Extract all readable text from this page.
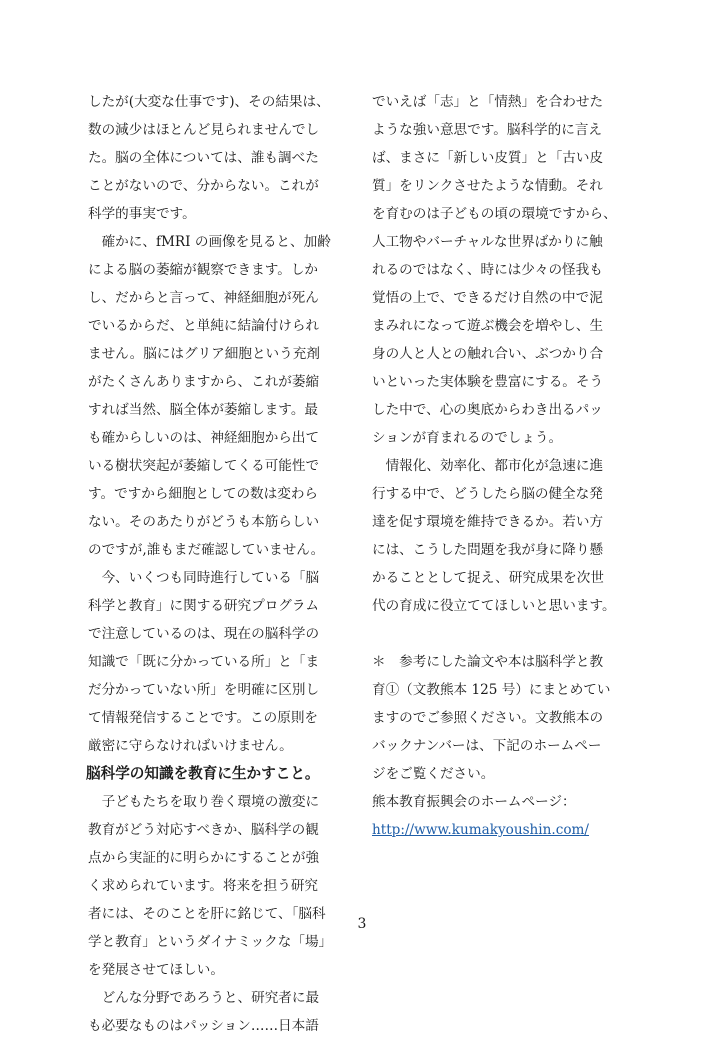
したが(大変な仕事です)、その結果は、
数の減少はほとんど見られませんでし
た。脳の全体については、誰も調べた
ことがないので、分からない。これが
科学的事実です。
　確かに、fMRI の画像を見ると、加齢
による脳の萎縮が観察できます。しか
し、だからと言って、神経細胞が死ん
でいるからだ、と単純に結論付けられ
ません。脳にはグリア細胞という充剤
がたくさんありますから、これが萎縮
すれば当然、脳全体が萎縮します。最
も確からしいのは、神経細胞から出て
いる樹状突起が萎縮してくる可能性で
す。ですから細胞としての数は変わら
ない。そのあたりがどうも本筋らしい
のですが,誰もまだ確認していません。
　今、いくつも同時進行している「脳
科学と教育」に関する研究プログラム
で注意しているのは、現在の脳科学の
知識で「既に分かっている所」と「ま
だ分かっていない所」を明確に区別し
て情報発信することです。この原則を
厳密に守らなければいけません。
脳科学の知識を教育に生かすこと。
　子どもたちを取り巻く環境の激変に
教育がどう対応すべきか、脳科学の観
点から実証的に明らかにすることが強
く求められています。将来を担う研究
者には、そのことを肝に銘じて、「脳科
学と教育」というダイナミックな「場」
を発展させてほしい。
　どんな分野であろうと、研究者に最
も必要なものはパッション……日本語
でいえば「志」と「情熱」を合わせた
ような強い意思です。脳科学的に言え
ば、まさに「新しい皮質」と「古い皮
質」をリンクさせたような情動。それ
を育むのは子どもの頃の環境ですから、
人工物やバーチャルな世界ばかりに触
れるのではなく、時には少々の怪我も
覚悟の上で、できるだけ自然の中で泥
まみれになって遊ぶ機会を増やし、生
身の人と人との触れ合い、ぶつかり合
いといった実体験を豊富にする。そう
した中で、心の奥底からわき出るパッ
ションが育まれるのでしょう。
　情報化、効率化、都市化が急速に進
行する中で、どうしたら脳の健全な発
達を促す環境を維持できるか。若い方
には、こうした問題を我が身に降り懸
かることとして捉え、研究成果を次世
代の育成に役立ててほしいと思います。
＊　参考にした論文や本は脳科学と教
育①（文教熊本 125 号）にまとめてい
ますのでご参照ください。文教熊本の
バックナンバーは、下記のホームペー
ジをご覧ください。
熊本教育振興会のホームページ：
http://www.kumakyoushin.com/
3
